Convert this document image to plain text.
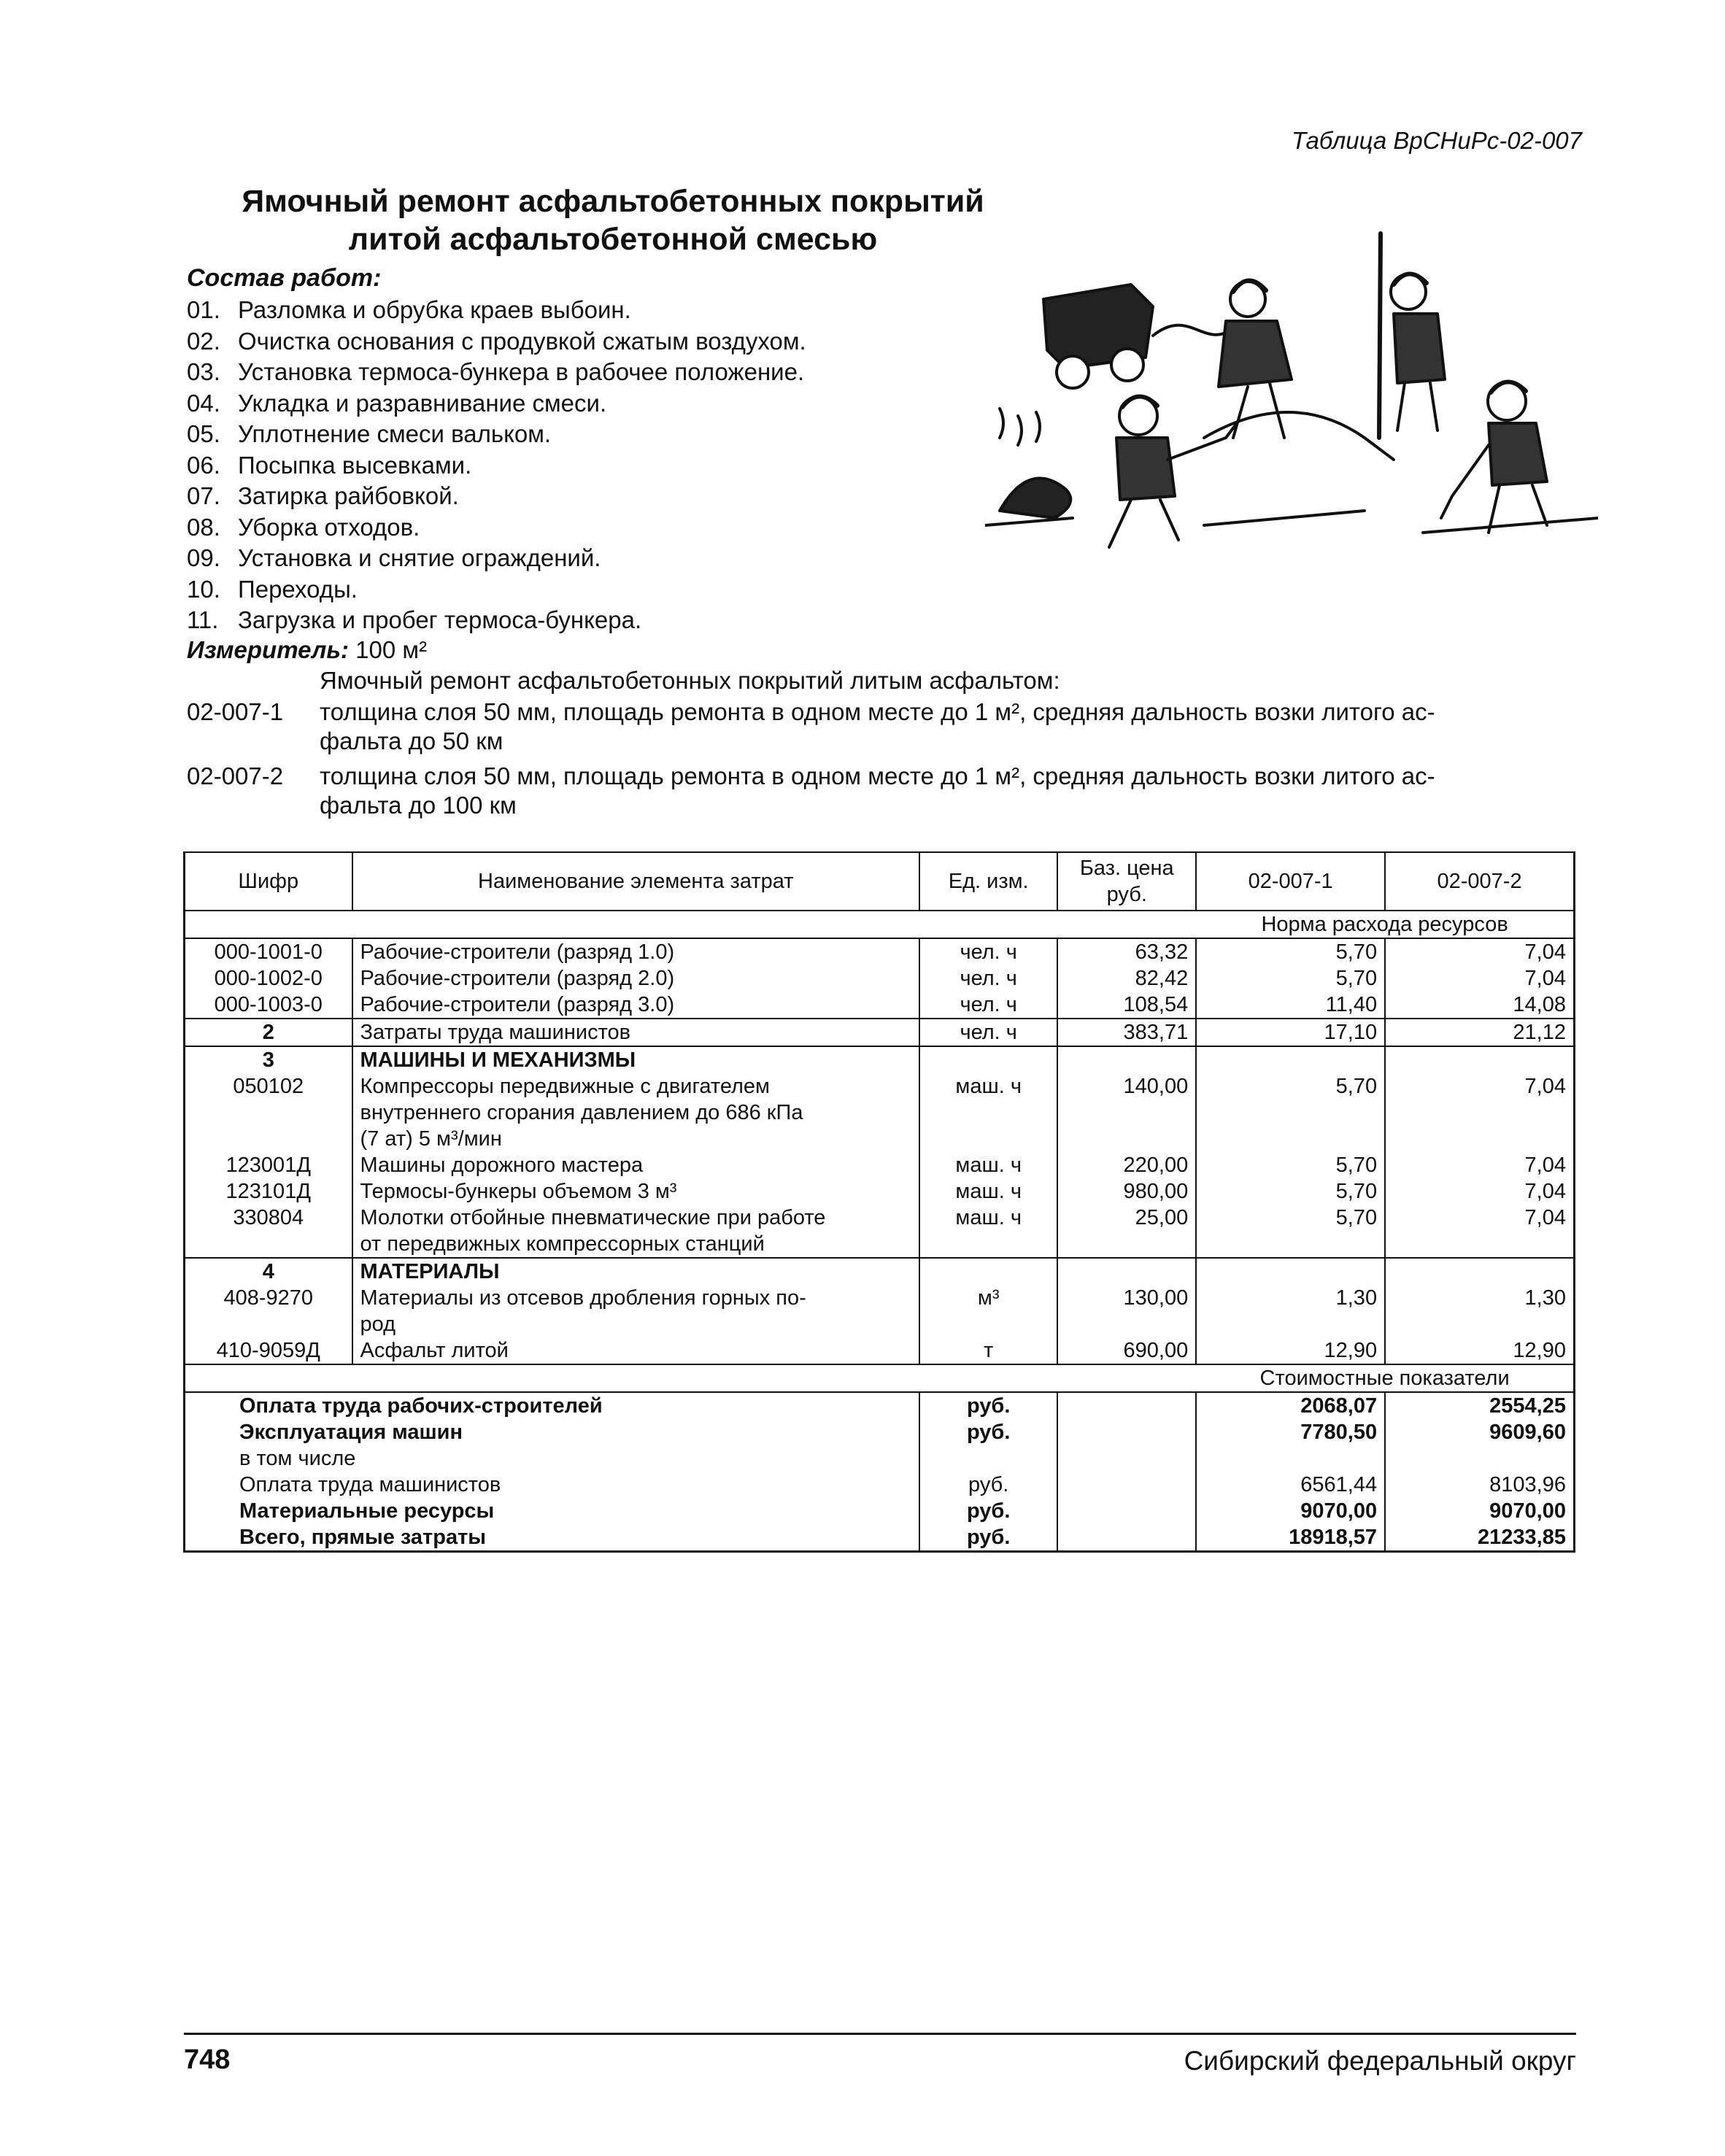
Таблица ВрСНиРс-02-007
Ямочный ремонт асфальтобетонных покрытий
литой асфальтобетонной смесью
Состав работ:
01. Разломка и обрубка краев выбоин.
02. Очистка основания с продувкой сжатым воздухом.
03. Установка термоса-бункера в рабочее положение.
04. Укладка и разравнивание смеси.
05. Уплотнение смеси вальком.
06. Посыпка высевками.
07. Затирка райбовкой.
08. Уборка отходов.
09. Установка и снятие ограждений.
10. Переходы.
11. Загрузка и пробег термоса-бункера.
Измеритель: 100 м²
Ямочный ремонт асфальтобетонных покрытий литым асфальтом:
02-007-1 толщина слоя 50 мм, площадь ремонта в одном месте до 1 м², средняя дальность возки литого ас-
фальта до 50 км
02-007-2 толщина слоя 50 мм, площадь ремонта в одном месте до 1 м², средняя дальность возки литого ас-
фальта до 100 км
Шифр	Наименование элемента затрат	Ед. изм.	Баз. цена руб.	02-007-1	02-007-2
				Норма расхода ресурсов	
000-1001-0	Рабочие-строители (разряд 1.0)	чел. ч	63,32	5,70	7,04
000-1002-0	Рабочие-строители (разряд 2.0)	чел. ч	82,42	5,70	7,04
000-1003-0	Рабочие-строители (разряд 3.0)	чел. ч	108,54	11,40	14,08
2	Затраты труда машинистов	чел. ч	383,71	17,10	21,12
3	МАШИНЫ И МЕХАНИЗМЫ				
050102	Компрессоры передвижные с двигателем
внутреннего сгорания давлением до 686 кПа
(7 ат) 5 м³/мин	маш. ч	140,00	5,70	7,04
123001Д	Машины дорожного мастера	маш. ч	220,00	5,70	7,04
123101Д	Термосы-бункеры объемом 3 м³	маш. ч	980,00	5,70	7,04
330804	Молотки отбойные пневматические при работе
от передвижных компрессорных станций	маш. ч	25,00	5,70	7,04
4	МАТЕРИАЛЫ				
408-9270	Материалы из отсевов дробления горных по-
род	м³	130,00	1,30	1,30
410-9059Д	Асфальт литой	т	690,00	12,90	12,90
				Стоимостные показатели	
Оплата труда рабочих-строителей		руб.		2068,07	2554,25
Эксплуатация машин		руб.		7780,50	9609,60
в том числе					
Оплата труда машинистов		руб.		6561,44	8103,96
Материальные ресурсы		руб.		9070,00	9070,00
Всего, прямые затраты		руб.		18918,57	21233,85
748	Сибирский федеральный округ
